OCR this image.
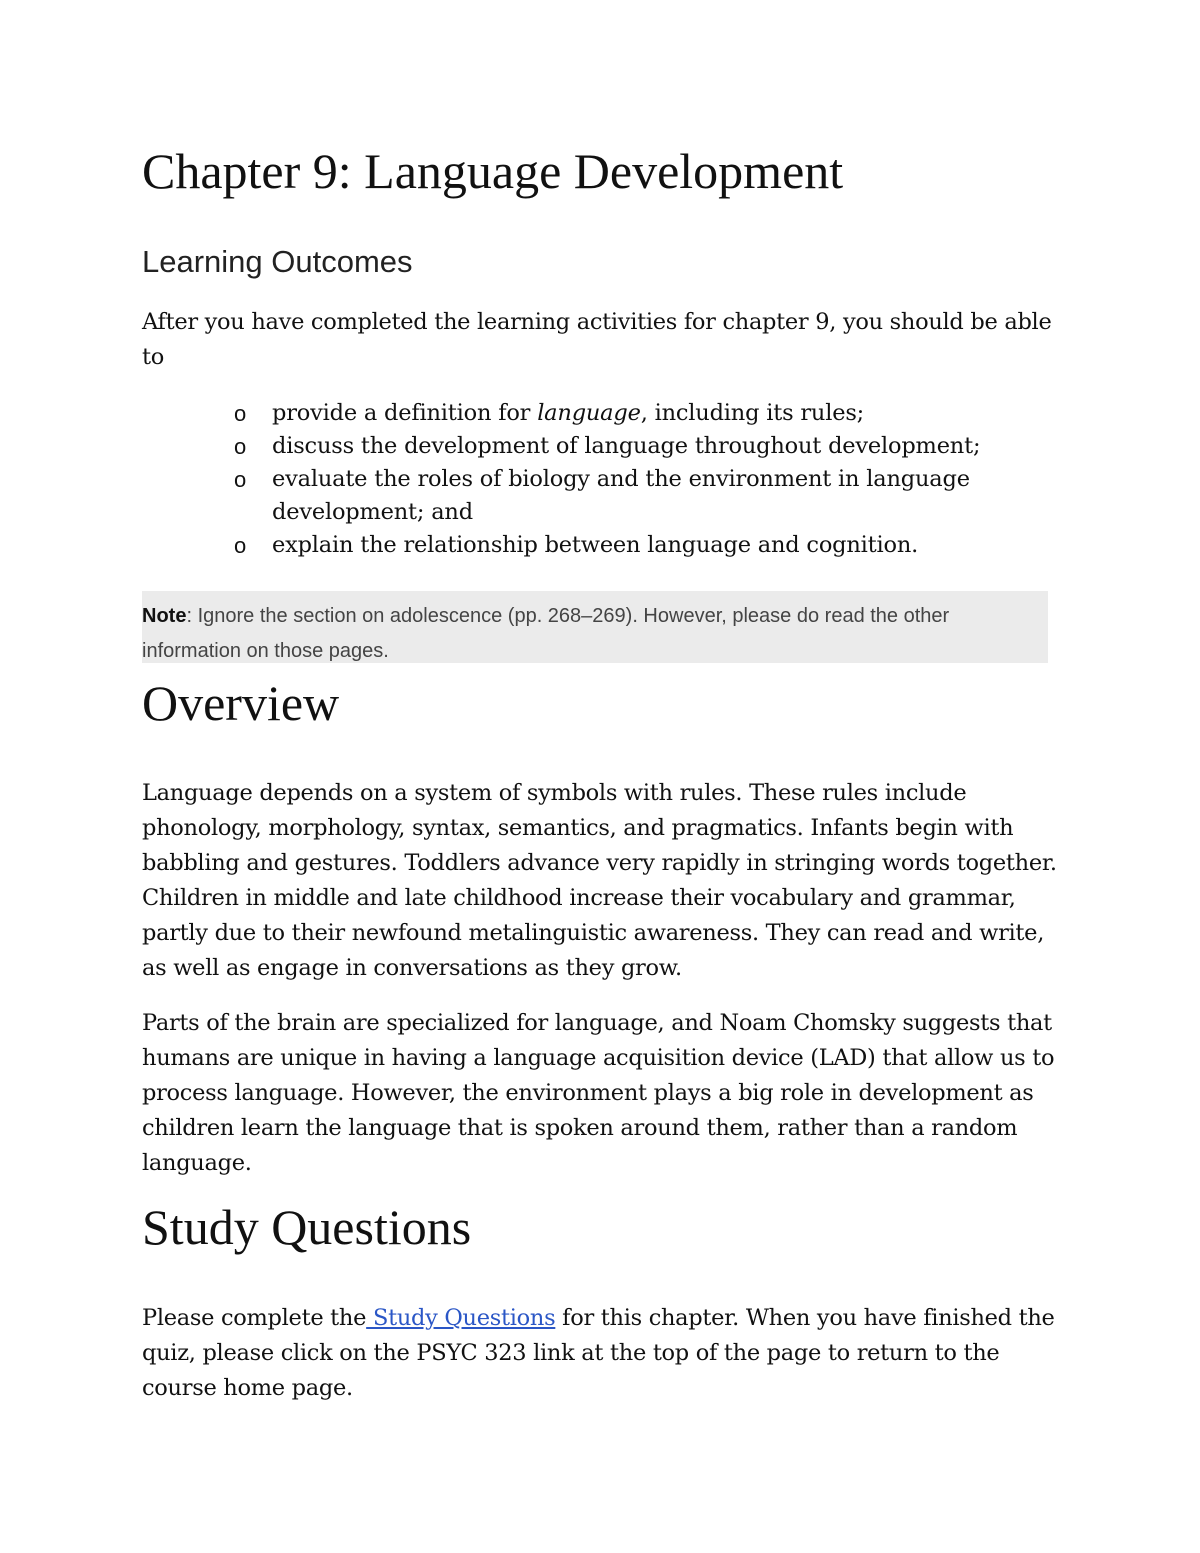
Chapter 9: Language Development
Learning Outcomes

After you have completed the learning activities for chapter 9, you should be able to

o provide a definition for language, including its rules;
o discuss the development of language throughout development;
o evaluate the roles of biology and the environment in language development; and
o explain the relationship between language and cognition.

Note: Ignore the section on adolescence (pp. 268–269). However, please do read the other information on those pages.

Overview

Language depends on a system of symbols with rules. These rules include phonology, morphology, syntax, semantics, and pragmatics. Infants begin with babbling and gestures. Toddlers advance very rapidly in stringing words together. Children in middle and late childhood increase their vocabulary and grammar, partly due to their newfound metalinguistic awareness. They can read and write, as well as engage in conversations as they grow.

Parts of the brain are specialized for language, and Noam Chomsky suggests that humans are unique in having a language acquisition device (LAD) that allow us to process language. However, the environment plays a big role in development as children learn the language that is spoken around them, rather than a random language.

Study Questions

Please complete the Study Questions for this chapter. When you have finished the quiz, please click on the PSYC 323 link at the top of the page to return to the course home page.
